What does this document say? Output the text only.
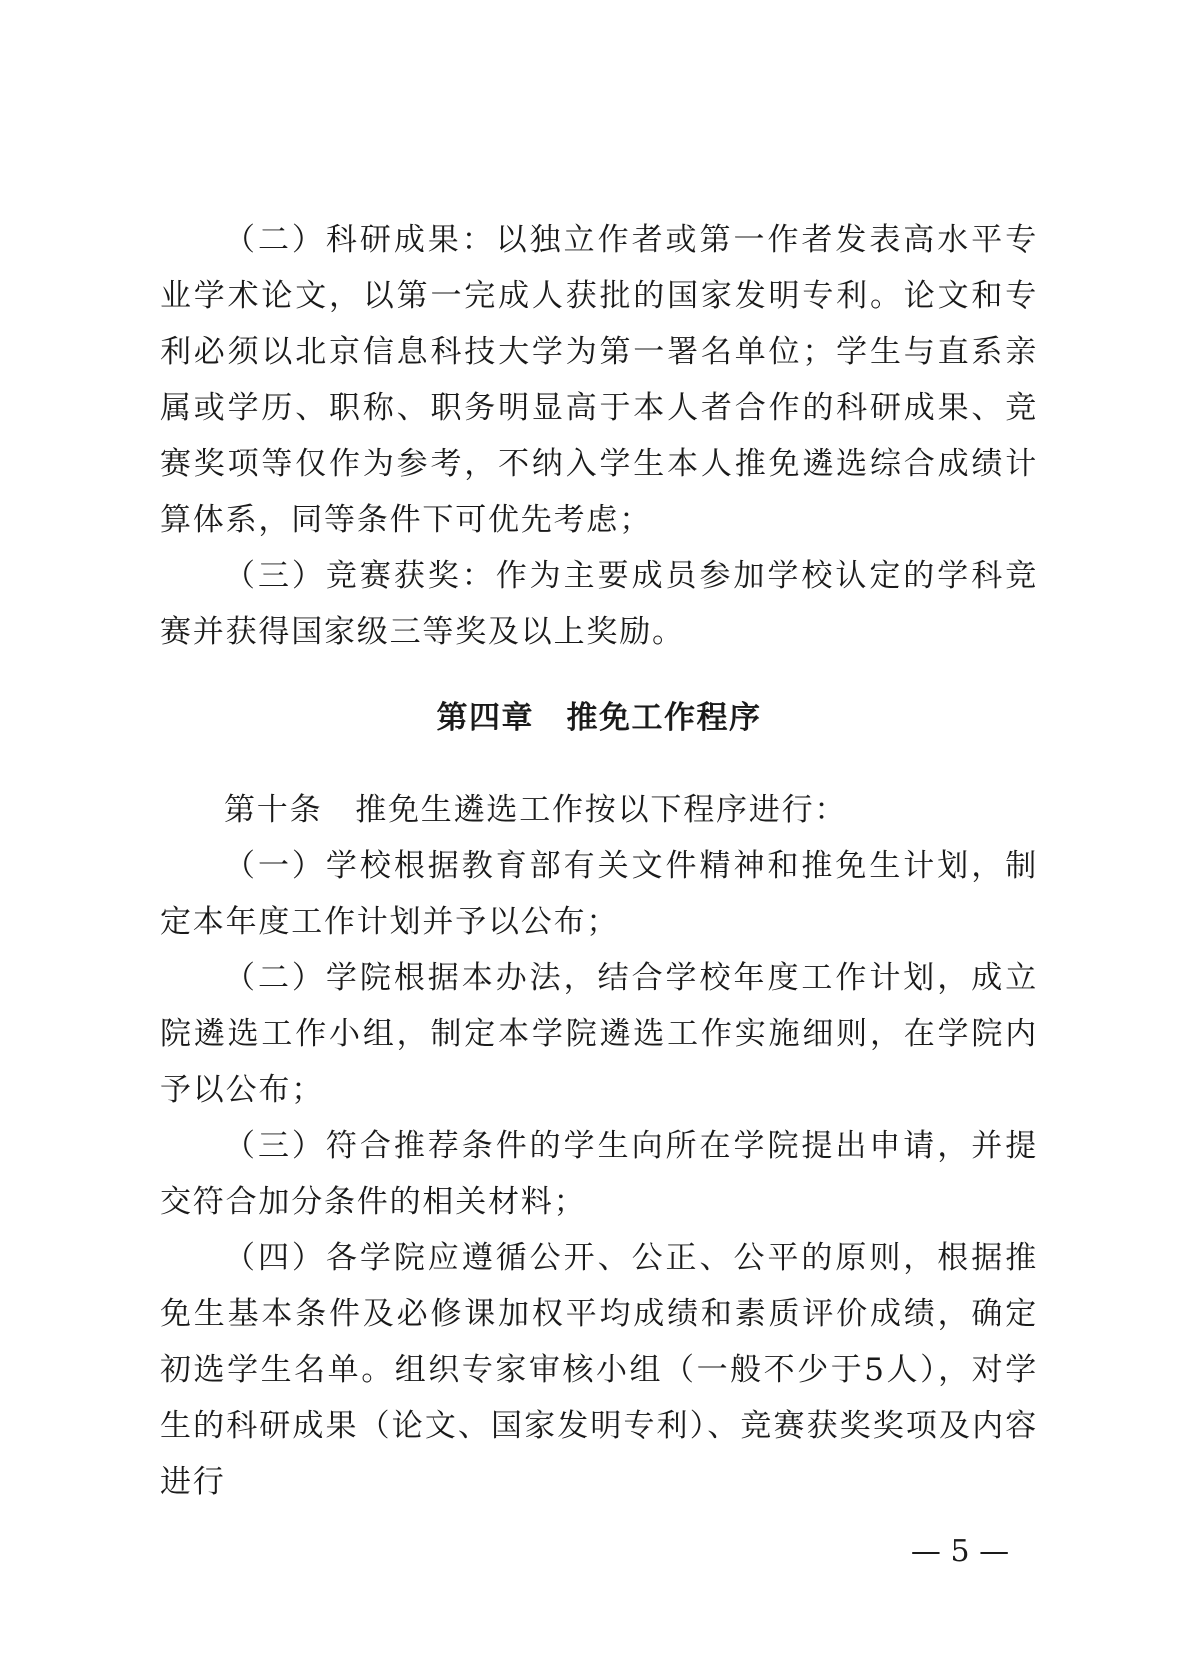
（二）科研成果：以独立作者或第一作者发表高水平专业学术论文，以第一完成人获批的国家发明专利。论文和专利必须以北京信息科技大学为第一署名单位；学生与直系亲属或学历、职称、职务明显高于本人者合作的科研成果、竞赛奖项等仅作为参考，不纳入学生本人推免遴选综合成绩计算体系，同等条件下可优先考虑；

（三）竞赛获奖：作为主要成员参加学校认定的学科竞赛并获得国家级三等奖及以上奖励。

第四章　推免工作程序

第十条　推免生遴选工作按以下程序进行：

（一）学校根据教育部有关文件精神和推免生计划，制定本年度工作计划并予以公布；

（二）学院根据本办法，结合学校年度工作计划，成立院遴选工作小组，制定本学院遴选工作实施细则，在学院内予以公布；

（三）符合推荐条件的学生向所在学院提出申请，并提交符合加分条件的相关材料；

（四）各学院应遵循公开、公正、公平的原则，根据推免生基本条件及必修课加权平均成绩和素质评价成绩，确定初选学生名单。组织专家审核小组（一般不少于5人），对学生的科研成果（论文、国家发明专利）、竞赛获奖奖项及内容进行

— 5 —
